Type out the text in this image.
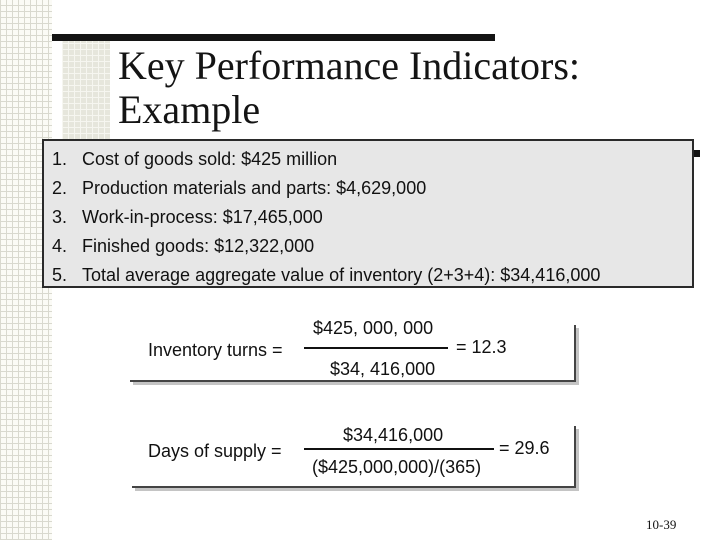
Key Performance Indicators:
Example
1. Cost of goods sold: $425 million
2. Production materials and parts: $4,629,000
3. Work-in-process: $17,465,000
4. Finished goods: $12,322,000
5. Total average aggregate value of inventory (2+3+4): $34,416,000
Inventory turns =
$425, 000, 000
$34, 416,000
= 12.3
Days of supply =
$34,416,000
($425,000,000)/(365)
= 29.6
10-39
